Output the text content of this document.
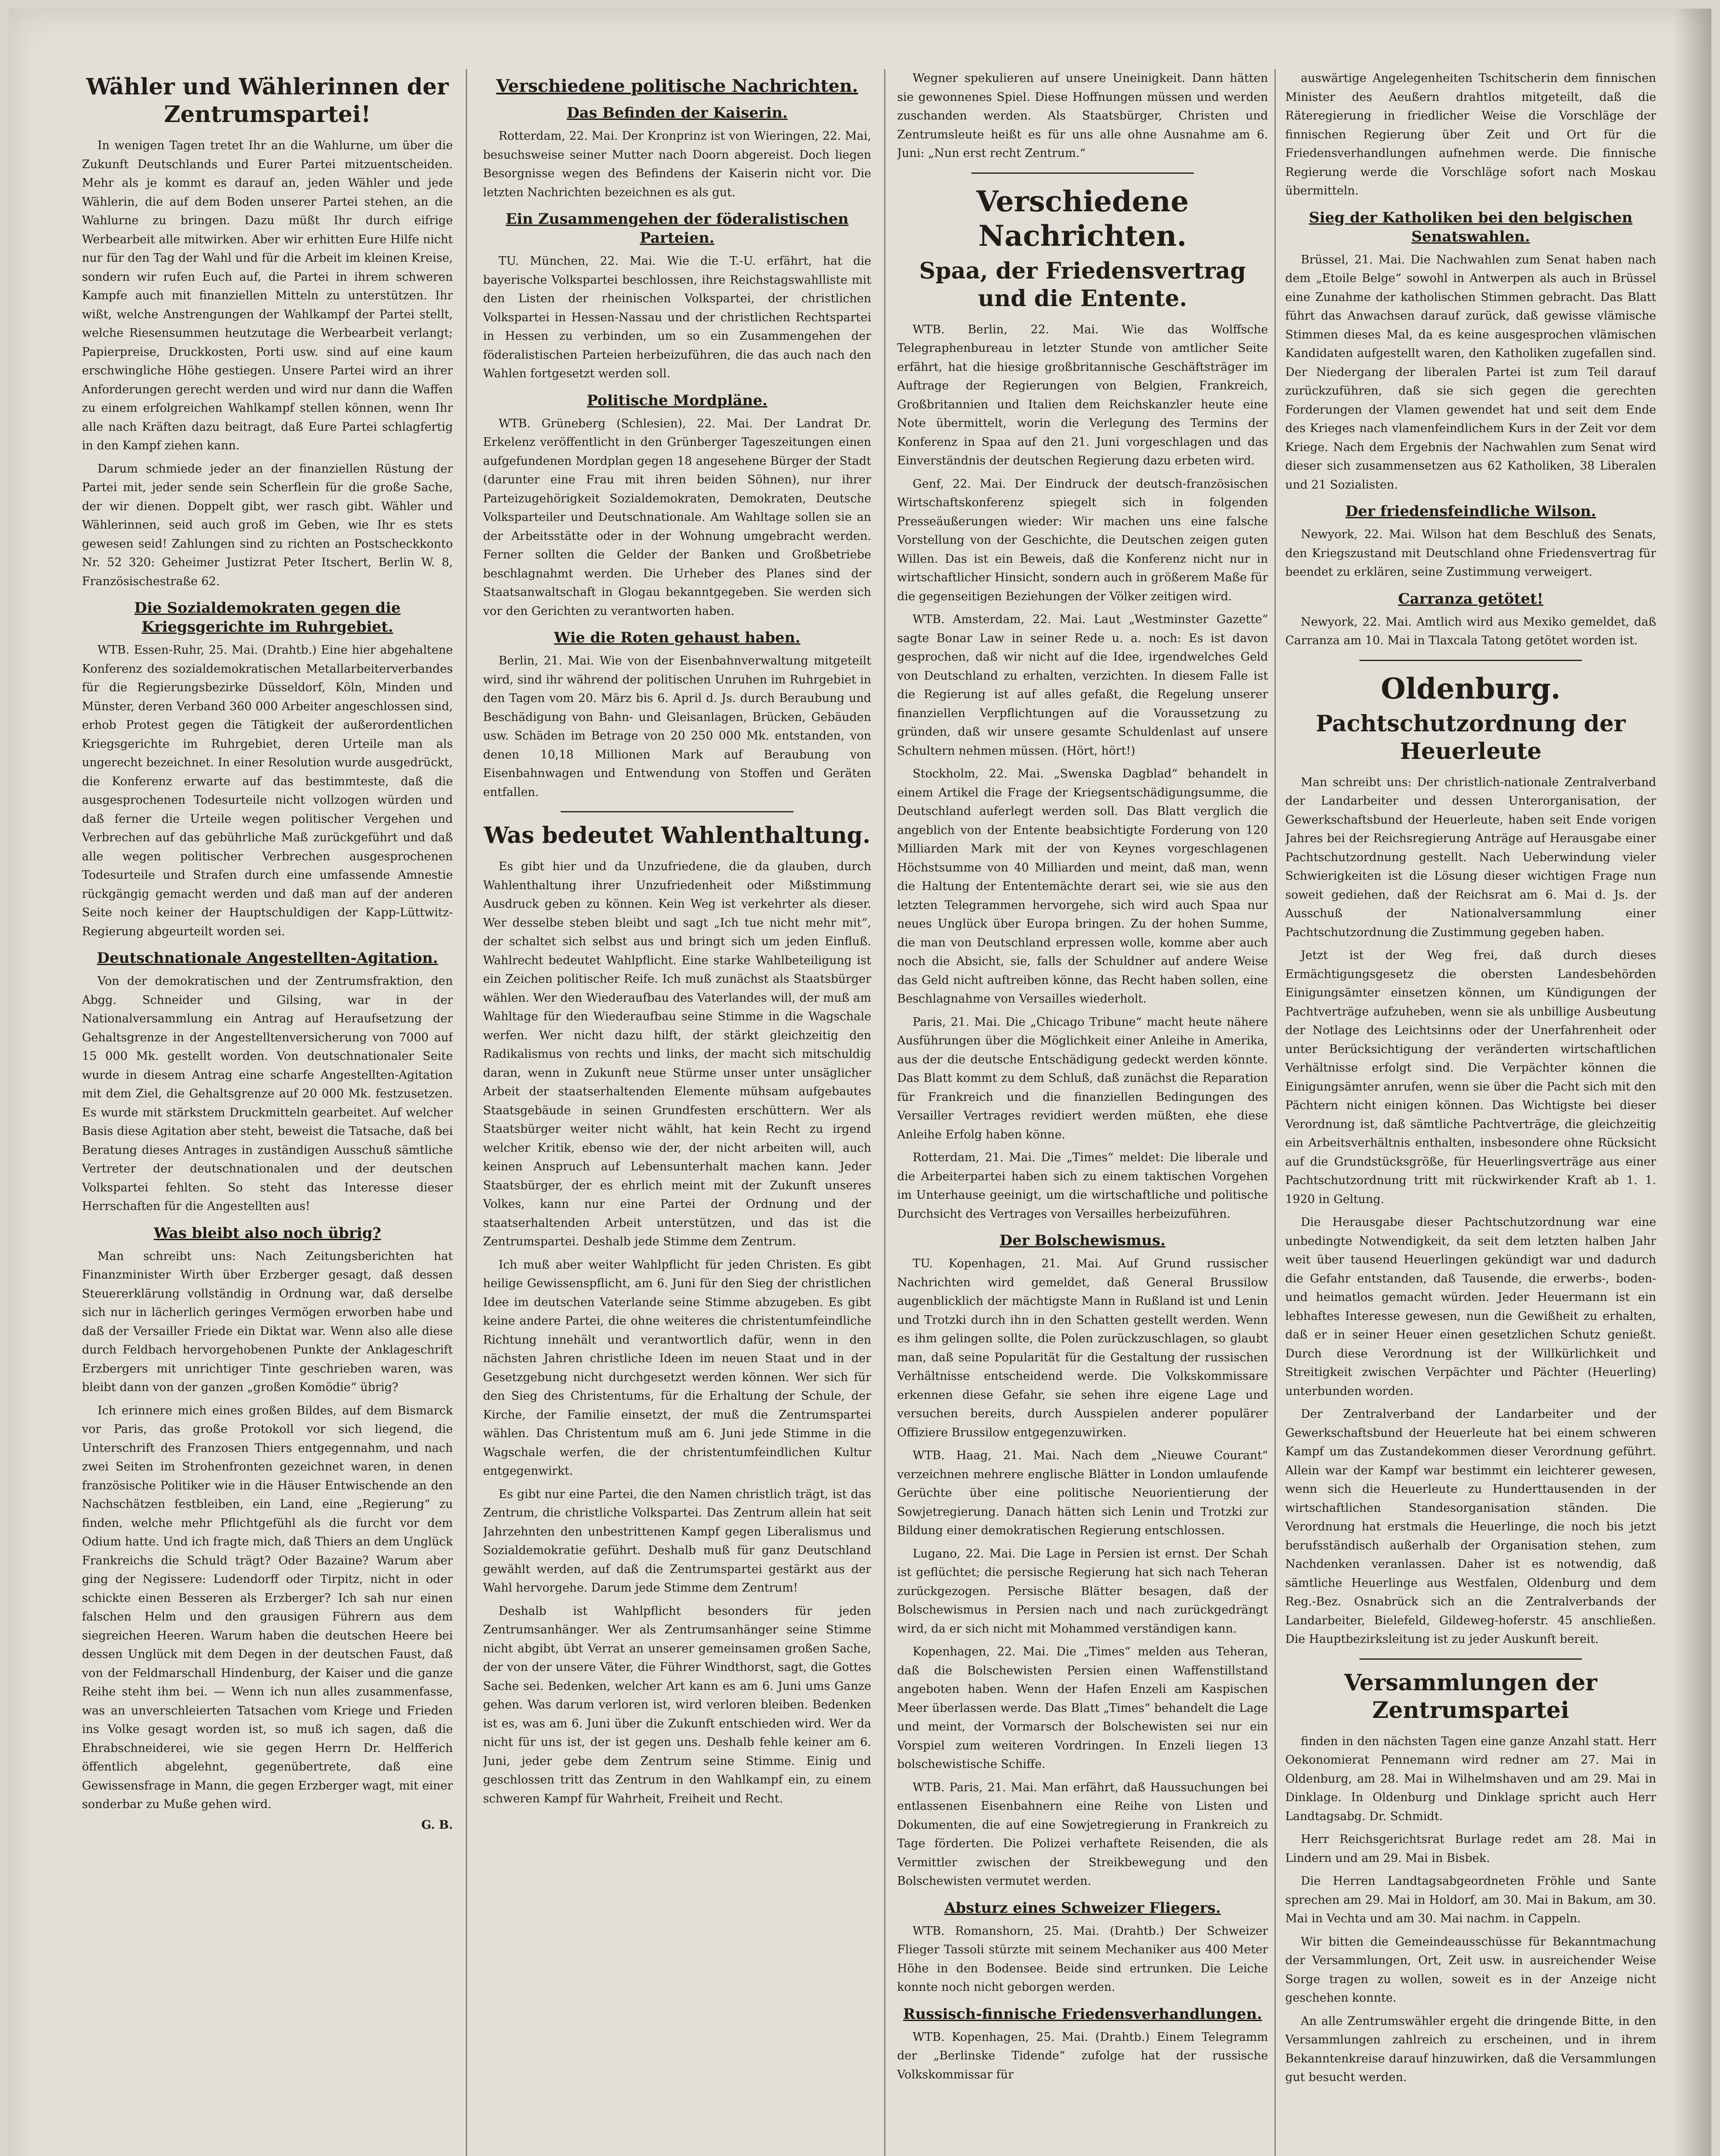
Wähler und Wählerinnen der Zentrumspartei!

In wenigen Tagen tretet Ihr an die Wahlurne, um über die Zukunft Deutschlands und Eurer Partei mitzuentscheiden. Mehr als je kommt es darauf an, jeden Wähler und jede Wählerin, die auf dem Boden unserer Partei stehen, an die Wahlurne zu bringen. Dazu müßt Ihr durch eifrige Werbearbeit alle mitwirken. Aber wir erhitten Eure Hilfe nicht nur für den Tag der Wahl und für die Arbeit im kleinen Kreise, sondern wir rufen Euch auf, die Partei in ihrem schweren Kampfe auch mit finanziellen Mitteln zu unterstützen. Ihr wißt, welche Anstrengungen der Wahlkampf der Partei stellt, welche Riesensummen heutzutage die Werbearbeit verlangt; Papierpreise, Druckkosten, Porti usw. sind auf eine kaum erschwingliche Höhe gestiegen. Unsere Partei wird an ihrer Anforderungen gerecht werden und wird nur dann die Waffen zu einem erfolgreichen Wahlkampf stellen können, wenn Ihr alle nach Kräften dazu beitragt, daß Eure Partei schlagfertig in den Kampf ziehen kann.

Darum schmiede jeder an der finanziellen Rüstung der Partei mit, jeder sende sein Scherflein für die große Sache, der wir dienen. Doppelt gibt, wer rasch gibt. Wähler und Wählerinnen, seid auch groß im Geben, wie Ihr es stets gewesen seid! Zahlungen sind zu richten an Postscheckkonto Nr. 52 320: Geheimer Justizrat Peter Itschert, Berlin W. 8, Französischestraße 62.

Die Sozialdemokraten gegen die Kriegsgerichte im Ruhrgebiet.

WTB. Essen-Ruhr, 25. Mai. (Drahtb.) Eine hier abgehaltene Konferenz des sozialdemokratischen Metallarbeiterverbandes für die Regierungsbezirke Düsseldorf, Köln, Minden und Münster, deren Verband 360 000 Arbeiter angeschlossen sind, erhob Protest gegen die Tätigkeit der außerordentlichen Kriegsgerichte im Ruhrgebiet, deren Urteile man als ungerecht bezeichnet. In einer Resolution wurde ausgedrückt, die Konferenz erwarte auf das bestimmteste, daß die ausgesprochenen Todesurteile nicht vollzogen würden und daß ferner die Urteile wegen politischer Vergehen und Verbrechen auf das gebührliche Maß zurückgeführt und daß alle wegen politischer Verbrechen ausgesprochenen Todesurteile und Strafen durch eine umfassende Amnestie rückgängig gemacht werden und daß man auf der anderen Seite noch keiner der Hauptschuldigen der Kapp-Lüttwitz-Regierung abgeurteilt worden sei.

Deutschnationale Angestellten-Agitation.

Von der demokratischen und der Zentrumsfraktion, den Abgg. Schneider und Gilsing, war in der Nationalversammlung ein Antrag auf Heraufsetzung der Gehaltsgrenze in der Angestelltenversicherung von 7000 auf 15 000 Mk. gestellt worden. Von deutschnationaler Seite wurde in diesem Antrag eine scharfe Angestellten-Agitation mit dem Ziel, die Gehaltsgrenze auf 20 000 Mk. festzusetzen. Es wurde mit stärkstem Druckmitteln gearbeitet. Auf welcher Basis diese Agitation aber steht, beweist die Tatsache, daß bei Beratung dieses Antrages in zuständigen Ausschuß sämtliche Vertreter der deutschnationalen und der deutschen Volkspartei fehlten. So steht das Interesse dieser Herrschaften für die Angestellten aus!

Was bleibt also noch übrig?

Man schreibt uns: Nach Zeitungsberichten hat Finanzminister Wirth über Erzberger gesagt, daß dessen Steuererklärung vollständig in Ordnung war, daß derselbe sich nur in lächerlich geringes Vermögen erworben habe und daß der Versailler Friede ein Diktat war. Wenn also alle diese durch Feldbach hervorgehobenen Punkte der Anklageschrift Erzbergers mit unrichtiger Tinte geschrieben waren, was bleibt dann von der ganzen „großen Komödie“ übrig?

Ich erinnere mich eines großen Bildes, auf dem Bismarck vor Paris, das große Protokoll vor sich liegend, die Unterschrift des Franzosen Thiers entgegennahm, und nach zwei Seiten im Strohenfronten gezeichnet waren, in denen französische Politiker wie in die Häuser Entwischende an den Nachschätzen festbleiben, ein Land, eine „Regierung“ zu finden, welche mehr Pflichtgefühl als die furcht vor dem Odium hatte. Und ich fragte mich, daß Thiers an dem Unglück Frankreichs die Schuld trägt? Oder Bazaine? Warum aber ging der Negissere: Ludendorff oder Tirpitz, nicht in oder schickte einen Besseren als Erzberger? Ich sah nur einen falschen Helm und den grausigen Führern aus dem siegreichen Heeren. Warum haben die deutschen Heere bei dessen Unglück mit dem Degen in der deutschen Faust, daß von der Feldmarschall Hindenburg, der Kaiser und die ganze Reihe steht ihm bei. — Wenn ich nun alles zusammenfasse, was an unverschleierten Tatsachen vom Kriege und Frieden ins Volke gesagt worden ist, so muß ich sagen, daß die Ehrabschneiderei, wie sie gegen Herrn Dr. Helfferich öffentlich abgelehnt, gegenübertrete, daß eine Gewissensfrage in Mann, die gegen Erzberger wagt, mit einer sonderbar zu Muße gehen wird.

G. B.
Verschiedene politische Nachrichten.
Das Befinden der Kaiserin.

Rotterdam, 22. Mai. Der Kronprinz ist von Wieringen, 22. Mai, besuchsweise seiner Mutter nach Doorn abgereist. Doch liegen Besorgnisse wegen des Befindens der Kaiserin nicht vor. Die letzten Nachrichten bezeichnen es als gut.

Ein Zusammengehen der föderalistischen Parteien.

TU. München, 22. Mai. Wie die T.-U. erfährt, hat die bayerische Volkspartei beschlossen, ihre Reichstagswahlliste mit den Listen der rheinischen Volkspartei, der christlichen Volkspartei in Hessen-Nassau und der christlichen Rechtspartei in Hessen zu verbinden, um so ein Zusammengehen der föderalistischen Parteien herbeizuführen, die das auch nach den Wahlen fortgesetzt werden soll.

Politische Mordpläne.

WTB. Grüneberg (Schlesien), 22. Mai. Der Landrat Dr. Erkelenz veröffentlicht in den Grünberger Tageszeitungen einen aufgefundenen Mordplan gegen 18 angesehene Bürger der Stadt (darunter eine Frau mit ihren beiden Söhnen), nur ihrer Parteizugehörigkeit Sozialdemokraten, Demokraten, Deutsche Volksparteiler und Deutschnationale. Am Wahltage sollen sie an der Arbeitsstätte oder in der Wohnung umgebracht werden. Ferner sollten die Gelder der Banken und Großbetriebe beschlagnahmt werden. Die Urheber des Planes sind der Staatsanwaltschaft in Glogau bekanntgegeben. Sie werden sich vor den Gerichten zu verantworten haben.

Wie die Roten gehaust haben.

Berlin, 21. Mai. Wie von der Eisenbahnverwaltung mitgeteilt wird, sind ihr während der politischen Unruhen im Ruhrgebiet in den Tagen vom 20. März bis 6. April d. Js. durch Beraubung und Beschädigung von Bahn- und Gleisanlagen, Brücken, Gebäuden usw. Schäden im Betrage von 20 250 000 Mk. entstanden, von denen 10,18 Millionen Mark auf Beraubung von Eisenbahnwagen und Entwendung von Stoffen und Geräten entfallen.

Was bedeutet Wahlenthaltung.

Es gibt hier und da Unzufriedene, die da glauben, durch Wahlenthaltung ihrer Unzufriedenheit oder Mißstimmung Ausdruck geben zu können. Kein Weg ist verkehrter als dieser. Wer desselbe steben bleibt und sagt „Ich tue nicht mehr mit“, der schaltet sich selbst aus und bringt sich um jeden Einfluß. Wahlrecht bedeutet Wahlpflicht. Eine starke Wahlbeteiligung ist ein Zeichen politischer Reife. Ich muß zunächst als Staatsbürger wählen. Wer den Wiederaufbau des Vaterlandes will, der muß am Wahltage für den Wiederaufbau seine Stimme in die Wagschale werfen. Wer nicht dazu hilft, der stärkt gleichzeitig den Radikalismus von rechts und links, der macht sich mitschuldig daran, wenn in Zukunft neue Stürme unser unter unsäglicher Arbeit der staatserhaltenden Elemente mühsam aufgebautes Staatsgebäude in seinen Grundfesten erschüttern. Wer als Staatsbürger weiter nicht wählt, hat kein Recht zu irgend welcher Kritik, ebenso wie der, der nicht arbeiten will, auch keinen Anspruch auf Lebensunterhalt machen kann. Jeder Staatsbürger, der es ehrlich meint mit der Zukunft unseres Volkes, kann nur eine Partei der Ordnung und der staatserhaltenden Arbeit unterstützen, und das ist die Zentrumspartei. Deshalb jede Stimme dem Zentrum.

Ich muß aber weiter Wahlpflicht für jeden Christen. Es gibt heilige Gewissenspflicht, am 6. Juni für den Sieg der christlichen Idee im deutschen Vaterlande seine Stimme abzugeben. Es gibt keine andere Partei, die ohne weiteres die christentumfeindliche Richtung innehält und verantwortlich dafür, wenn in den nächsten Jahren christliche Ideen im neuen Staat und in der Gesetzgebung nicht durchgesetzt werden können. Wer sich für den Sieg des Christentums, für die Erhaltung der Schule, der Kirche, der Familie einsetzt, der muß die Zentrumspartei wählen. Das Christentum muß am 6. Juni jede Stimme in die Wagschale werfen, die der christentumfeindlichen Kultur entgegenwirkt.

Es gibt nur eine Partei, die den Namen christlich trägt, ist das Zentrum, die christliche Volkspartei. Das Zentrum allein hat seit Jahrzehnten den unbestrittenen Kampf gegen Liberalismus und Sozialdemokratie geführt. Deshalb muß für ganz Deutschland gewählt werden, auf daß die Zentrumspartei gestärkt aus der Wahl hervorgehe. Darum jede Stimme dem Zentrum!

Deshalb ist Wahlpflicht besonders für jeden Zentrumsanhänger. Wer als Zentrumsanhänger seine Stimme nicht abgibt, übt Verrat an unserer gemeinsamen großen Sache, der von der unsere Väter, die Führer Windthorst, sagt, die Gottes Sache sei. Bedenken, welcher Art kann es am 6. Juni ums Ganze gehen. Was darum verloren ist, wird verloren bleiben. Bedenken ist es, was am 6. Juni über die Zukunft entschieden wird. Wer da nicht für uns ist, der ist gegen uns. Deshalb fehle keiner am 6. Juni, jeder gebe dem Zentrum seine Stimme. Einig und geschlossen tritt das Zentrum in den Wahlkampf ein, zu einem schweren Kampf für Wahrheit, Freiheit und Recht.

Wegner spekulieren auf unsere Uneinigkeit. Dann hätten sie gewonnenes Spiel. Diese Hoffnungen müssen und werden zuschanden werden. Als Staatsbürger, Christen und Zentrumsleute heißt es für uns alle ohne Ausnahme am 6. Juni: „Nun erst recht Zentrum.“

Verschiedene Nachrichten.
Spaa, der Friedensvertrag und die Entente.

WTB. Berlin, 22. Mai. Wie das Wolffsche Telegraphenbureau in letzter Stunde von amtlicher Seite erfährt, hat die hiesige großbritannische Geschäftsträger im Auftrage der Regierungen von Belgien, Frankreich, Großbritannien und Italien dem Reichskanzler heute eine Note übermittelt, worin die Verlegung des Termins der Konferenz in Spaa auf den 21. Juni vorgeschlagen und das Einverständnis der deutschen Regierung dazu erbeten wird.

Genf, 22. Mai. Der Eindruck der deutsch-französischen Wirtschaftskonferenz spiegelt sich in folgenden Presseäußerungen wieder: Wir machen uns eine falsche Vorstellung von der Geschichte, die Deutschen zeigen guten Willen. Das ist ein Beweis, daß die Konferenz nicht nur in wirtschaftlicher Hinsicht, sondern auch in größerem Maße für die gegenseitigen Beziehungen der Völker zeitigen wird.

WTB. Amsterdam, 22. Mai. Laut „Westminster Gazette“ sagte Bonar Law in seiner Rede u. a. noch: Es ist davon gesprochen, daß wir nicht auf die Idee, irgendwelches Geld von Deutschland zu erhalten, verzichten. In diesem Falle ist die Regierung ist auf alles gefaßt, die Regelung unserer finanziellen Verpflichtungen auf die Voraussetzung zu gründen, daß wir unsere gesamte Schuldenlast auf unsere Schultern nehmen müssen. (Hört, hört!)

Stockholm, 22. Mai. „Swenska Dagblad“ behandelt in einem Artikel die Frage der Kriegsentschädigungsumme, die Deutschland auferlegt werden soll. Das Blatt verglich die angeblich von der Entente beabsichtigte Forderung von 120 Milliarden Mark mit der von Keynes vorgeschlagenen Höchstsumme von 40 Milliarden und meint, daß man, wenn die Haltung der Ententemächte derart sei, wie sie aus den letzten Telegrammen hervorgehe, sich wird auch Spaa nur neues Unglück über Europa bringen. Zu der hohen Summe, die man von Deutschland erpressen wolle, komme aber auch noch die Absicht, sie, falls der Schuldner auf andere Weise das Geld nicht auftreiben könne, das Recht haben sollen, eine Beschlagnahme von Versailles wiederholt.

Paris, 21. Mai. Die „Chicago Tribune“ macht heute nähere Ausführungen über die Möglichkeit einer Anleihe in Amerika, aus der die deutsche Entschädigung gedeckt werden könnte. Das Blatt kommt zu dem Schluß, daß zunächst die Reparation für Frankreich und die finanziellen Bedingungen des Versailler Vertrages revidiert werden müßten, ehe diese Anleihe Erfolg haben könne.

Rotterdam, 21. Mai. Die „Times“ meldet: Die liberale und die Arbeiterpartei haben sich zu einem taktischen Vorgehen im Unterhause geeinigt, um die wirtschaftliche und politische Durchsicht des Vertrages von Versailles herbeizuführen.

Der Bolschewismus.

TU. Kopenhagen, 21. Mai. Auf Grund russischer Nachrichten wird gemeldet, daß General Brussilow augenblicklich der mächtigste Mann in Rußland ist und Lenin und Trotzki durch ihn in den Schatten gestellt werden. Wenn es ihm gelingen sollte, die Polen zurückzuschlagen, so glaubt man, daß seine Popularität für die Gestaltung der russischen Verhältnisse entscheidend werde. Die Volkskommissare erkennen diese Gefahr, sie sehen ihre eigene Lage und versuchen bereits, durch Ausspielen anderer populärer Offiziere Brussilow entgegenzuwirken.

WTB. Haag, 21. Mai. Nach dem „Nieuwe Courant“ verzeichnen mehrere englische Blätter in London umlaufende Gerüchte über eine politische Neuorientierung der Sowjetregierung. Danach hätten sich Lenin und Trotzki zur Bildung einer demokratischen Regierung entschlossen.

Lugano, 22. Mai. Die Lage in Persien ist ernst. Der Schah ist geflüchtet; die persische Regierung hat sich nach Teheran zurückgezogen. Persische Blätter besagen, daß der Bolschewismus in Persien nach und nach zurückgedrängt wird, da er sich nicht mit Mohammed verständigen kann.

Kopenhagen, 22. Mai. Die „Times“ melden aus Teheran, daß die Bolschewisten Persien einen Waffenstillstand angeboten haben. Wenn der Hafen Enzeli am Kaspischen Meer überlassen werde. Das Blatt „Times“ behandelt die Lage und meint, der Vormarsch der Bolschewisten sei nur ein Vorspiel zum weiteren Vordringen. In Enzeli liegen 13 bolschewistische Schiffe.

WTB. Paris, 21. Mai. Man erfährt, daß Haussuchungen bei entlassenen Eisenbahnern eine Reihe von Listen und Dokumenten, die auf eine Sowjetregierung in Frankreich zu Tage förderten. Die Polizei verhaftete Reisenden, die als Vermittler zwischen der Streikbewegung und den Bolschewisten vermutet werden.

Absturz eines Schweizer Fliegers.

WTB. Romanshorn, 25. Mai. (Drahtb.) Der Schweizer Flieger Tassoli stürzte mit seinem Mechaniker aus 400 Meter Höhe in den Bodensee. Beide sind ertrunken. Die Leiche konnte noch nicht geborgen werden.

Russisch-finnische Friedensverhandlungen.

WTB. Kopenhagen, 25. Mai. (Drahtb.) Einem Telegramm der „Berlinske Tidende“ zufolge hat der russische Volkskommissar für

auswärtige Angelegenheiten Tschitscherin dem finnischen Minister des Aeußern drahtlos mitgeteilt, daß die Räteregierung in friedlicher Weise die Vorschläge der finnischen Regierung über Zeit und Ort für die Friedensverhandlungen aufnehmen werde. Die finnische Regierung werde die Vorschläge sofort nach Moskau übermitteln.

Sieg der Katholiken bei den belgischen Senatswahlen.

Brüssel, 21. Mai. Die Nachwahlen zum Senat haben nach dem „Etoile Belge“ sowohl in Antwerpen als auch in Brüssel eine Zunahme der katholischen Stimmen gebracht. Das Blatt führt das Anwachsen darauf zurück, daß gewisse vlämische Stimmen dieses Mal, da es keine ausgesprochen vlämischen Kandidaten aufgestellt waren, den Katholiken zugefallen sind. Der Niedergang der liberalen Partei ist zum Teil darauf zurückzuführen, daß sie sich gegen die gerechten Forderungen der Vlamen gewendet hat und seit dem Ende des Krieges nach vlamenfeindlichem Kurs in der Zeit vor dem Kriege. Nach dem Ergebnis der Nachwahlen zum Senat wird dieser sich zusammensetzen aus 62 Katholiken, 38 Liberalen und 21 Sozialisten.

Der friedensfeindliche Wilson.

Newyork, 22. Mai. Wilson hat dem Beschluß des Senats, den Kriegszustand mit Deutschland ohne Friedensvertrag für beendet zu erklären, seine Zustimmung verweigert.

Carranza getötet!

Newyork, 22. Mai. Amtlich wird aus Mexiko gemeldet, daß Carranza am 10. Mai in Tlaxcala Tatong getötet worden ist.

Oldenburg.
Pachtschutzordnung der Heuerleute

Man schreibt uns: Der christlich-nationale Zentralverband der Landarbeiter und dessen Unterorganisation, der Gewerkschaftsbund der Heuerleute, haben seit Ende vorigen Jahres bei der Reichsregierung Anträge auf Herausgabe einer Pachtschutzordnung gestellt. Nach Ueberwindung vieler Schwierigkeiten ist die Lösung dieser wichtigen Frage nun soweit gediehen, daß der Reichsrat am 6. Mai d. Js. der Ausschuß der Nationalversammlung einer Pachtschutzordnung die Zustimmung gegeben haben.

Jetzt ist der Weg frei, daß durch dieses Ermächtigungsgesetz die obersten Landesbehörden Einigungsämter einsetzen können, um Kündigungen der Pachtverträge aufzuheben, wenn sie als unbillige Ausbeutung der Notlage des Leichtsinns oder der Unerfahrenheit oder unter Berücksichtigung der veränderten wirtschaftlichen Verhältnisse erfolgt sind. Die Verpächter können die Einigungsämter anrufen, wenn sie über die Pacht sich mit den Pächtern nicht einigen können. Das Wichtigste bei dieser Verordnung ist, daß sämtliche Pachtverträge, die gleichzeitig ein Arbeitsverhältnis enthalten, insbesondere ohne Rücksicht auf die Grundstücksgröße, für Heuerlingsverträge aus einer Pachtschutzordnung tritt mit rückwirkender Kraft ab 1. 1. 1920 in Geltung.

Die Herausgabe dieser Pachtschutzordnung war eine unbedingte Notwendigkeit, da seit dem letzten halben Jahr weit über tausend Heuerlingen gekündigt war und dadurch die Gefahr entstanden, daß Tausende, die erwerbs-, boden- und heimatlos gemacht würden. Jeder Heuermann ist ein lebhaftes Interesse gewesen, nun die Gewißheit zu erhalten, daß er in seiner Heuer einen gesetzlichen Schutz genießt. Durch diese Verordnung ist der Willkürlichkeit und Streitigkeit zwischen Verpächter und Pächter (Heuerling) unterbunden worden.

Der Zentralverband der Landarbeiter und der Gewerkschaftsbund der Heuerleute hat bei einem schweren Kampf um das Zustandekommen dieser Verordnung geführt. Allein war der Kampf war bestimmt ein leichterer gewesen, wenn sich die Heuerleute zu Hunderttausenden in der wirtschaftlichen Standesorganisation ständen. Die Verordnung hat erstmals die Heuerlinge, die noch bis jetzt berufsständisch außerhalb der Organisation stehen, zum Nachdenken veranlassen. Daher ist es notwendig, daß sämtliche Heuerlinge aus Westfalen, Oldenburg und dem Reg.-Bez. Osnabrück sich an die Zentralverbands der Landarbeiter, Bielefeld, Gildeweg-hoferstr. 45 anschließen. Die Hauptbezirksleitung ist zu jeder Auskunft bereit.

Versammlungen der Zentrumspartei

finden in den nächsten Tagen eine ganze Anzahl statt. Herr Oekonomierat Pennemann wird redner am 27. Mai in Oldenburg, am 28. Mai in Wilhelmshaven und am 29. Mai in Dinklage. In Oldenburg und Dinklage spricht auch Herr Landtagsabg. Dr. Schmidt.

Herr Reichsgerichtsrat Burlage redet am 28. Mai in Lindern und am 29. Mai in Bisbek.

Die Herren Landtagsabgeordneten Fröhle und Sante sprechen am 29. Mai in Holdorf, am 30. Mai in Bakum, am 30. Mai in Vechta und am 30. Mai nachm. in Cappeln.

Wir bitten die Gemeindeausschüsse für Bekanntmachung der Versammlungen, Ort, Zeit usw. in ausreichender Weise Sorge tragen zu wollen, soweit es in der Anzeige nicht geschehen konnte.

An alle Zentrumswähler ergeht die dringende Bitte, in den Versammlungen zahlreich zu erscheinen, und in ihrem Bekanntenkreise darauf hinzuwirken, daß die Versammlungen gut besucht werden.
